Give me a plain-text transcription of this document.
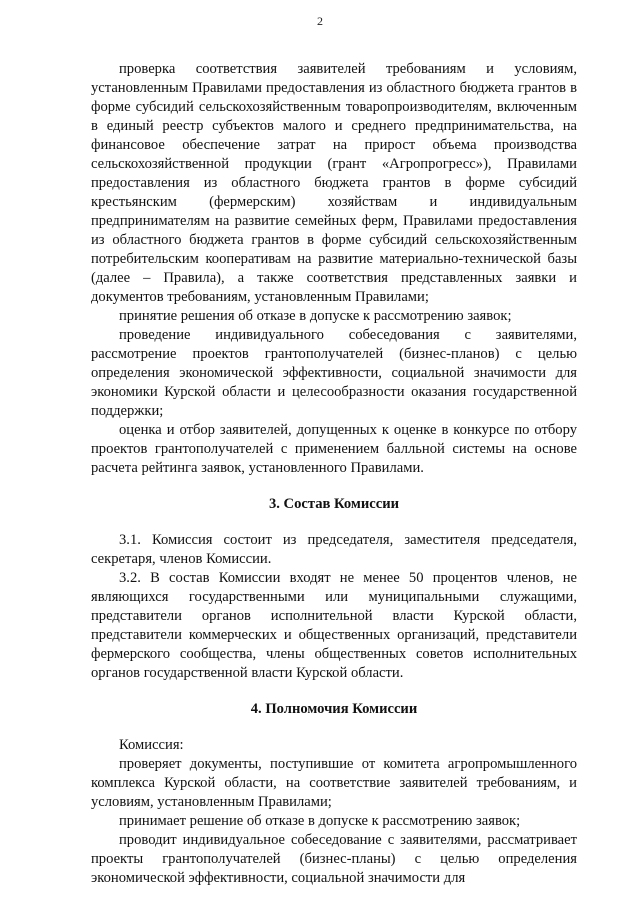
2

проверка соответствия заявителей требованиям и условиям, установленным Правилами предоставления из областного бюджета грантов в форме субсидий сельскохозяйственным товаропроизводителям, включенным в единый реестр субъектов малого и среднего предпринимательства, на финансовое обеспечение затрат на прирост объема производства сельскохозяйственной продукции (грант «Агропрогресс»), Правилами предоставления из областного бюджета грантов в форме субсидий крестьянским (фермерским) хозяйствам и индивидуальным предпринимателям на развитие семейных ферм, Правилами предоставления из областного бюджета грантов в форме субсидий сельскохозяйственным потребительским кооперативам на развитие материально-технической базы (далее – Правила), а также соответствия представленных заявки и документов требованиям, установленным Правилами;

принятие решения об отказе в допуске к рассмотрению заявок;

проведение индивидуального собеседования с заявителями, рассмотрение проектов грантополучателей (бизнес-планов) с целью определения экономической эффективности, социальной значимости для экономики Курской области и целесообразности оказания государственной поддержки;

оценка и отбор заявителей, допущенных к оценке в конкурсе по отбору проектов грантополучателей с применением балльной системы на основе расчета рейтинга заявок, установленного Правилами.

3. Состав Комиссии

3.1. Комиссия состоит из председателя, заместителя председателя, секретаря, членов Комиссии.

3.2. В состав Комиссии входят не менее 50 процентов членов, не являющихся государственными или муниципальными служащими, представители органов исполнительной власти Курской области, представители коммерческих и общественных организаций, представители фермерского сообщества, члены общественных советов исполнительных органов государственной власти Курской области.

4. Полномочия Комиссии

Комиссия:

проверяет документы, поступившие от комитета агропромышленного комплекса Курской области, на соответствие заявителей требованиям, и условиям, установленным Правилами;

принимает решение об отказе в допуске к рассмотрению заявок;

проводит индивидуальное собеседование с заявителями, рассматривает проекты грантополучателей (бизнес-планы) с целью определения экономической эффективности, социальной значимости для
